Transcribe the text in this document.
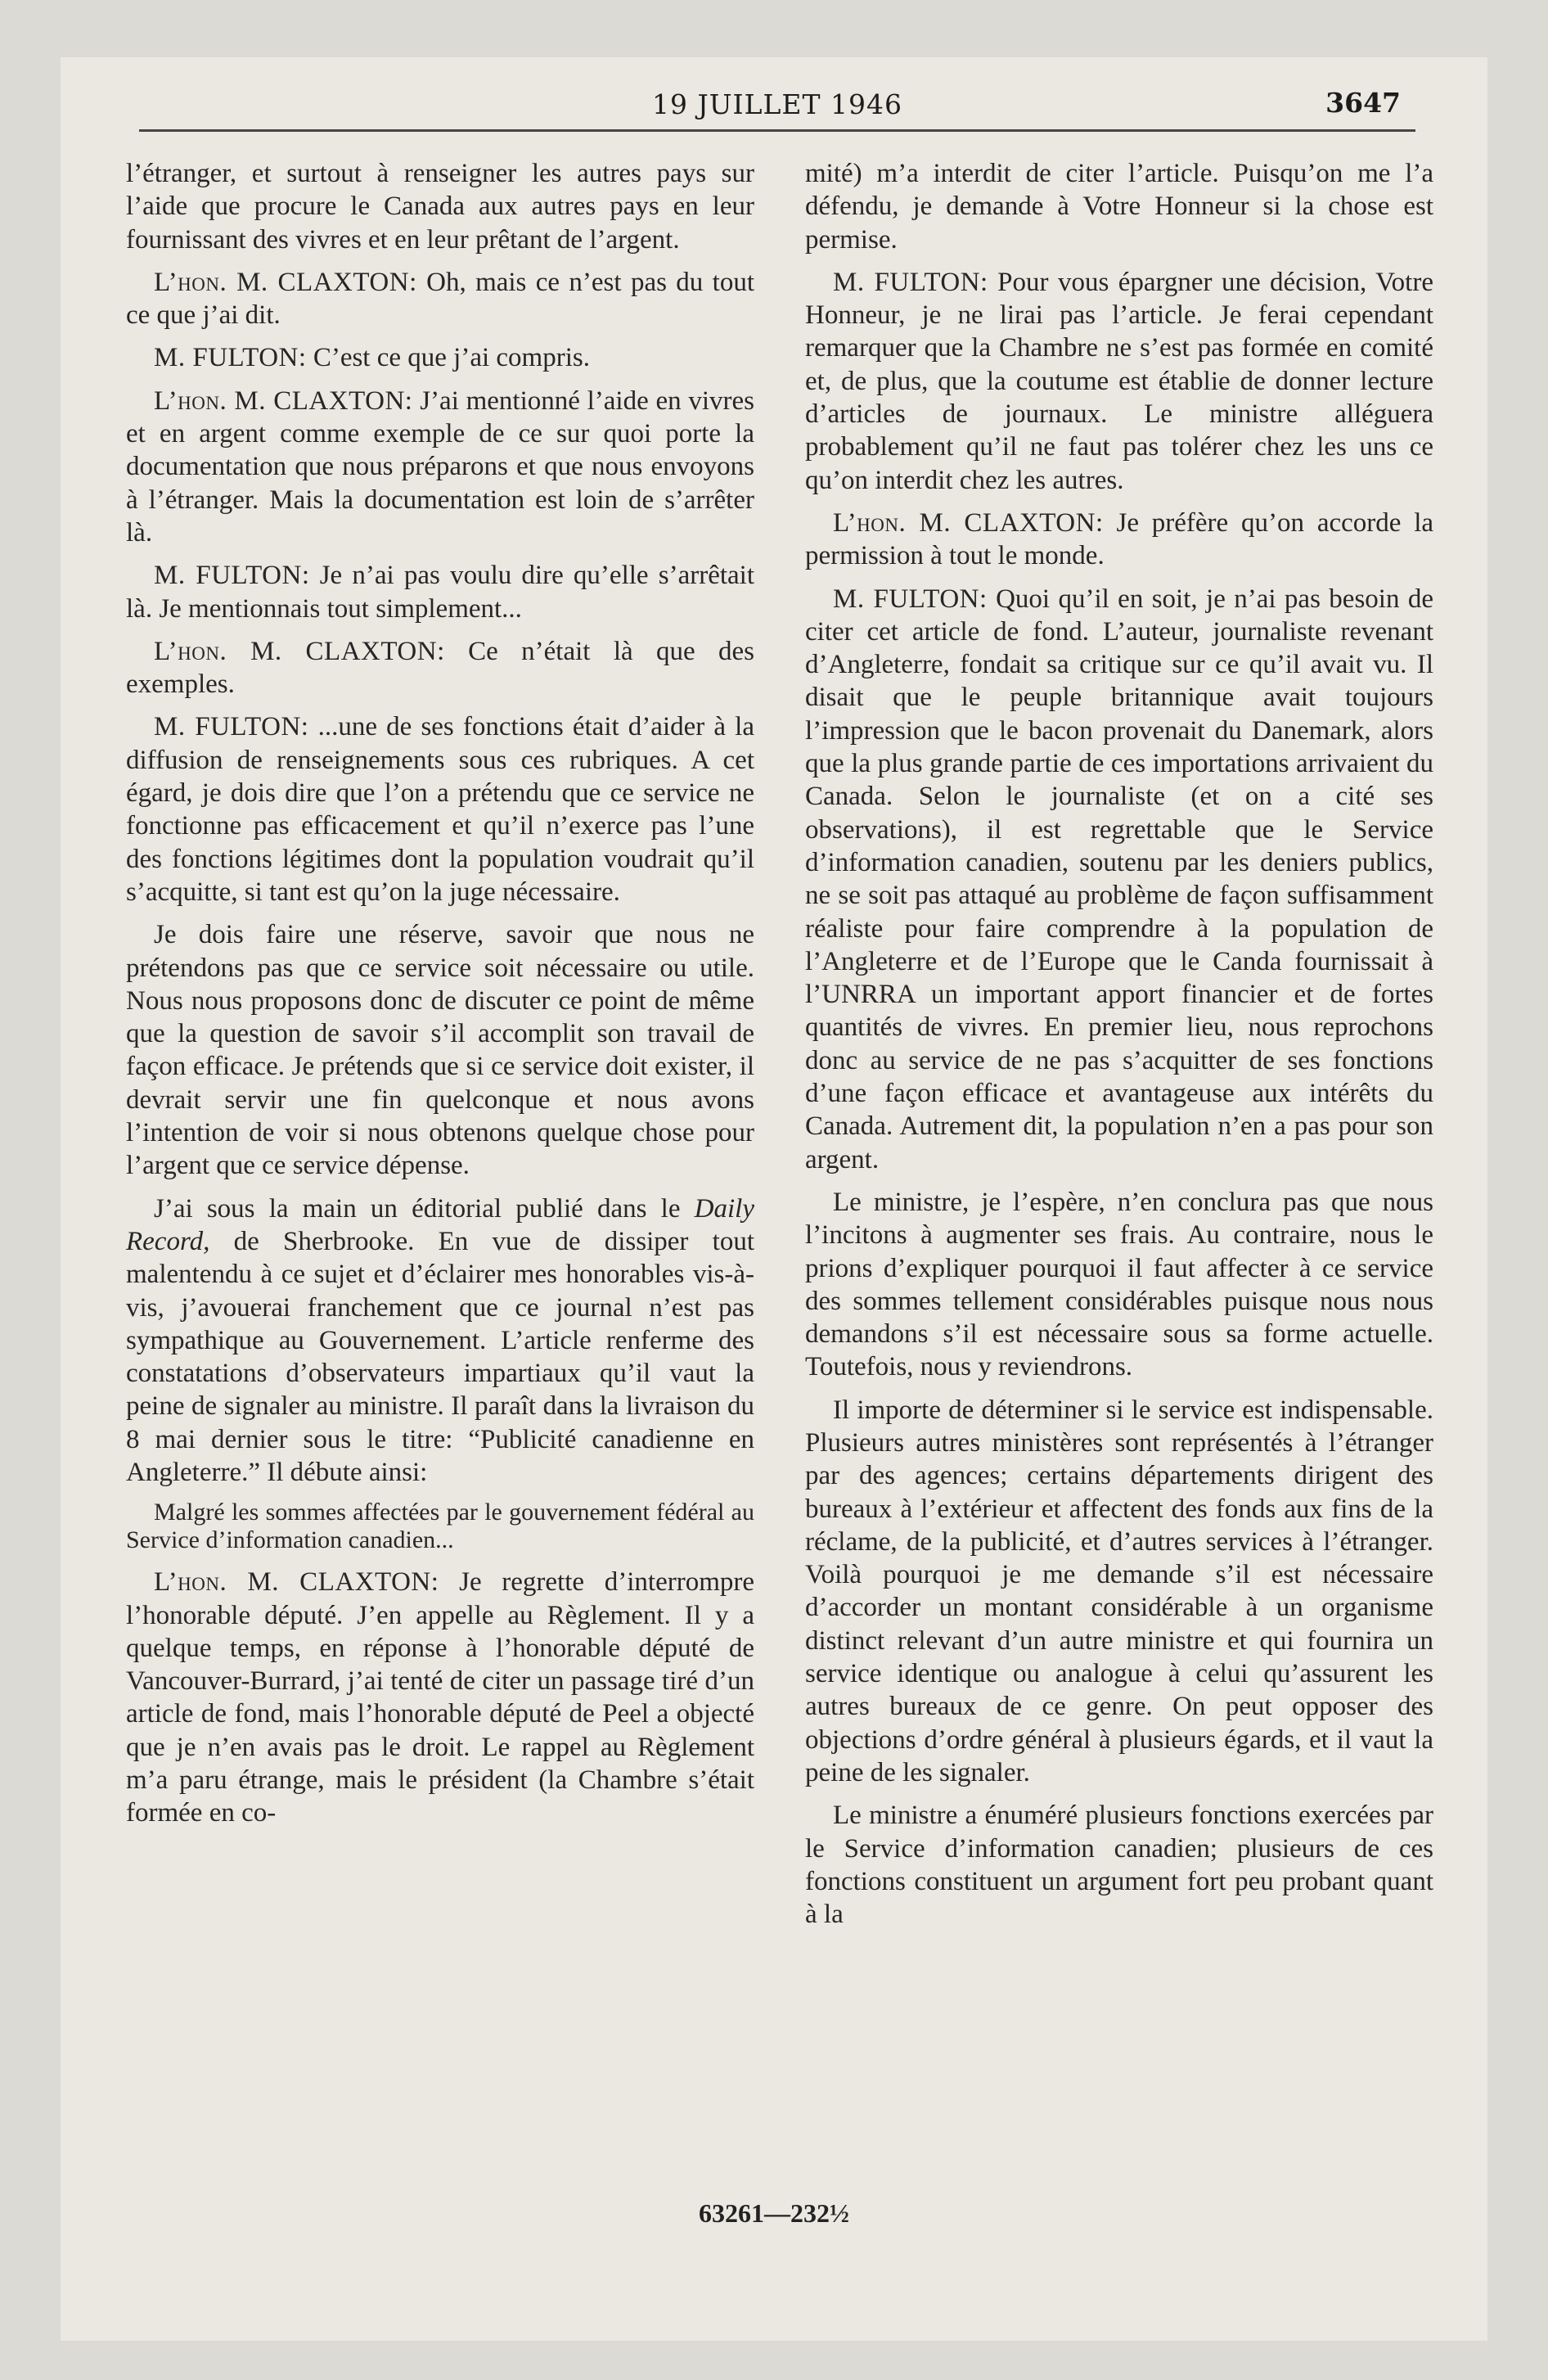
19 JUILLET 1946	3647

l’étranger, et surtout à renseigner les autres pays sur l’aide que procure le Canada aux autres pays en leur fournissant des vivres et en leur prêtant de l’argent.

L’hon. M. CLAXTON: Oh, mais ce n’est pas du tout ce que j’ai dit.

M. FULTON: C’est ce que j’ai compris.

L’hon. M. CLAXTON: J’ai mentionné l’aide en vivres et en argent comme exemple de ce sur quoi porte la documentation que nous préparons et que nous envoyons à l’étranger. Mais la documentation est loin de s’arrêter là.

M. FULTON: Je n’ai pas voulu dire qu’elle s’arrêtait là. Je mentionnais tout simplement...

L’hon. M. CLAXTON: Ce n’était là que des exemples.

M. FULTON: ...une de ses fonctions était d’aider à la diffusion de renseignements sous ces rubriques. A cet égard, je dois dire que l’on a prétendu que ce service ne fonctionne pas efficacement et qu’il n’exerce pas l’une des fonctions légitimes dont la population voudrait qu’il s’acquitte, si tant est qu’on la juge nécessaire.

Je dois faire une réserve, savoir que nous ne prétendons pas que ce service soit nécessaire ou utile. Nous nous proposons donc de discuter ce point de même que la question de savoir s’il accomplit son travail de façon efficace. Je prétends que si ce service doit exister, il devrait servir une fin quelconque et nous avons l’intention de voir si nous obtenons quelque chose pour l’argent que ce service dépense.

J’ai sous la main un éditorial publié dans le Daily Record, de Sherbrooke. En vue de dissiper tout malentendu à ce sujet et d’éclairer mes honorables vis-à-vis, j’avouerai franchement que ce journal n’est pas sympathique au Gouvernement. L’article renferme des constatations d’observateurs impartiaux qu’il vaut la peine de signaler au ministre. Il paraît dans la livraison du 8 mai dernier sous le titre: “Publicité canadienne en Angleterre.” Il débute ainsi:

Malgré les sommes affectées par le gouvernement fédéral au Service d’information canadien...

L’hon. M. CLAXTON: Je regrette d’interrompre l’honorable député. J’en appelle au Règlement. Il y a quelque temps, en réponse à l’honorable député de Vancouver-Burrard, j’ai tenté de citer un passage tiré d’un article de fond, mais l’honorable député de Peel a objecté que je n’en avais pas le droit. Le rappel au Règlement m’a paru étrange, mais le président (la Chambre s’était formée en co-

mité) m’a interdit de citer l’article. Puisqu’on me l’a défendu, je demande à Votre Honneur si la chose est permise.

M. FULTON: Pour vous épargner une décision, Votre Honneur, je ne lirai pas l’article. Je ferai cependant remarquer que la Chambre ne s’est pas formée en comité et, de plus, que la coutume est établie de donner lecture d’articles de journaux. Le ministre alléguera probablement qu’il ne faut pas tolérer chez les uns ce qu’on interdit chez les autres.

L’hon. M. CLAXTON: Je préfère qu’on accorde la permission à tout le monde.

M. FULTON: Quoi qu’il en soit, je n’ai pas besoin de citer cet article de fond. L’auteur, journaliste revenant d’Angleterre, fondait sa critique sur ce qu’il avait vu. Il disait que le peuple britannique avait toujours l’impression que le bacon provenait du Danemark, alors que la plus grande partie de ces importations arrivaient du Canada. Selon le journaliste (et on a cité ses observations), il est regrettable que le Service d’information canadien, soutenu par les deniers publics, ne se soit pas attaqué au problème de façon suffisamment réaliste pour faire comprendre à la population de l’Angleterre et de l’Europe que le Canda fournissait à l’UNRRA un important apport financier et de fortes quantités de vivres. En premier lieu, nous reprochons donc au service de ne pas s’acquitter de ses fonctions d’une façon efficace et avantageuse aux intérêts du Canada. Autrement dit, la population n’en a pas pour son argent.

Le ministre, je l’espère, n’en conclura pas que nous l’incitons à augmenter ses frais. Au contraire, nous le prions d’expliquer pourquoi il faut affecter à ce service des sommes tellement considérables puisque nous nous demandons s’il est nécessaire sous sa forme actuelle. Toutefois, nous y reviendrons.

Il importe de déterminer si le service est indispensable. Plusieurs autres ministères sont représentés à l’étranger par des agences; certains départements dirigent des bureaux à l’extérieur et affectent des fonds aux fins de la réclame, de la publicité, et d’autres services à l’étranger. Voilà pourquoi je me demande s’il est nécessaire d’accorder un montant considérable à un organisme distinct relevant d’un autre ministre et qui fournira un service identique ou analogue à celui qu’assurent les autres bureaux de ce genre. On peut opposer des objections d’ordre général à plusieurs égards, et il vaut la peine de les signaler.

Le ministre a énuméré plusieurs fonctions exercées par le Service d’information canadien; plusieurs de ces fonctions constituent un argument fort peu probant quant à la

63261—232½
